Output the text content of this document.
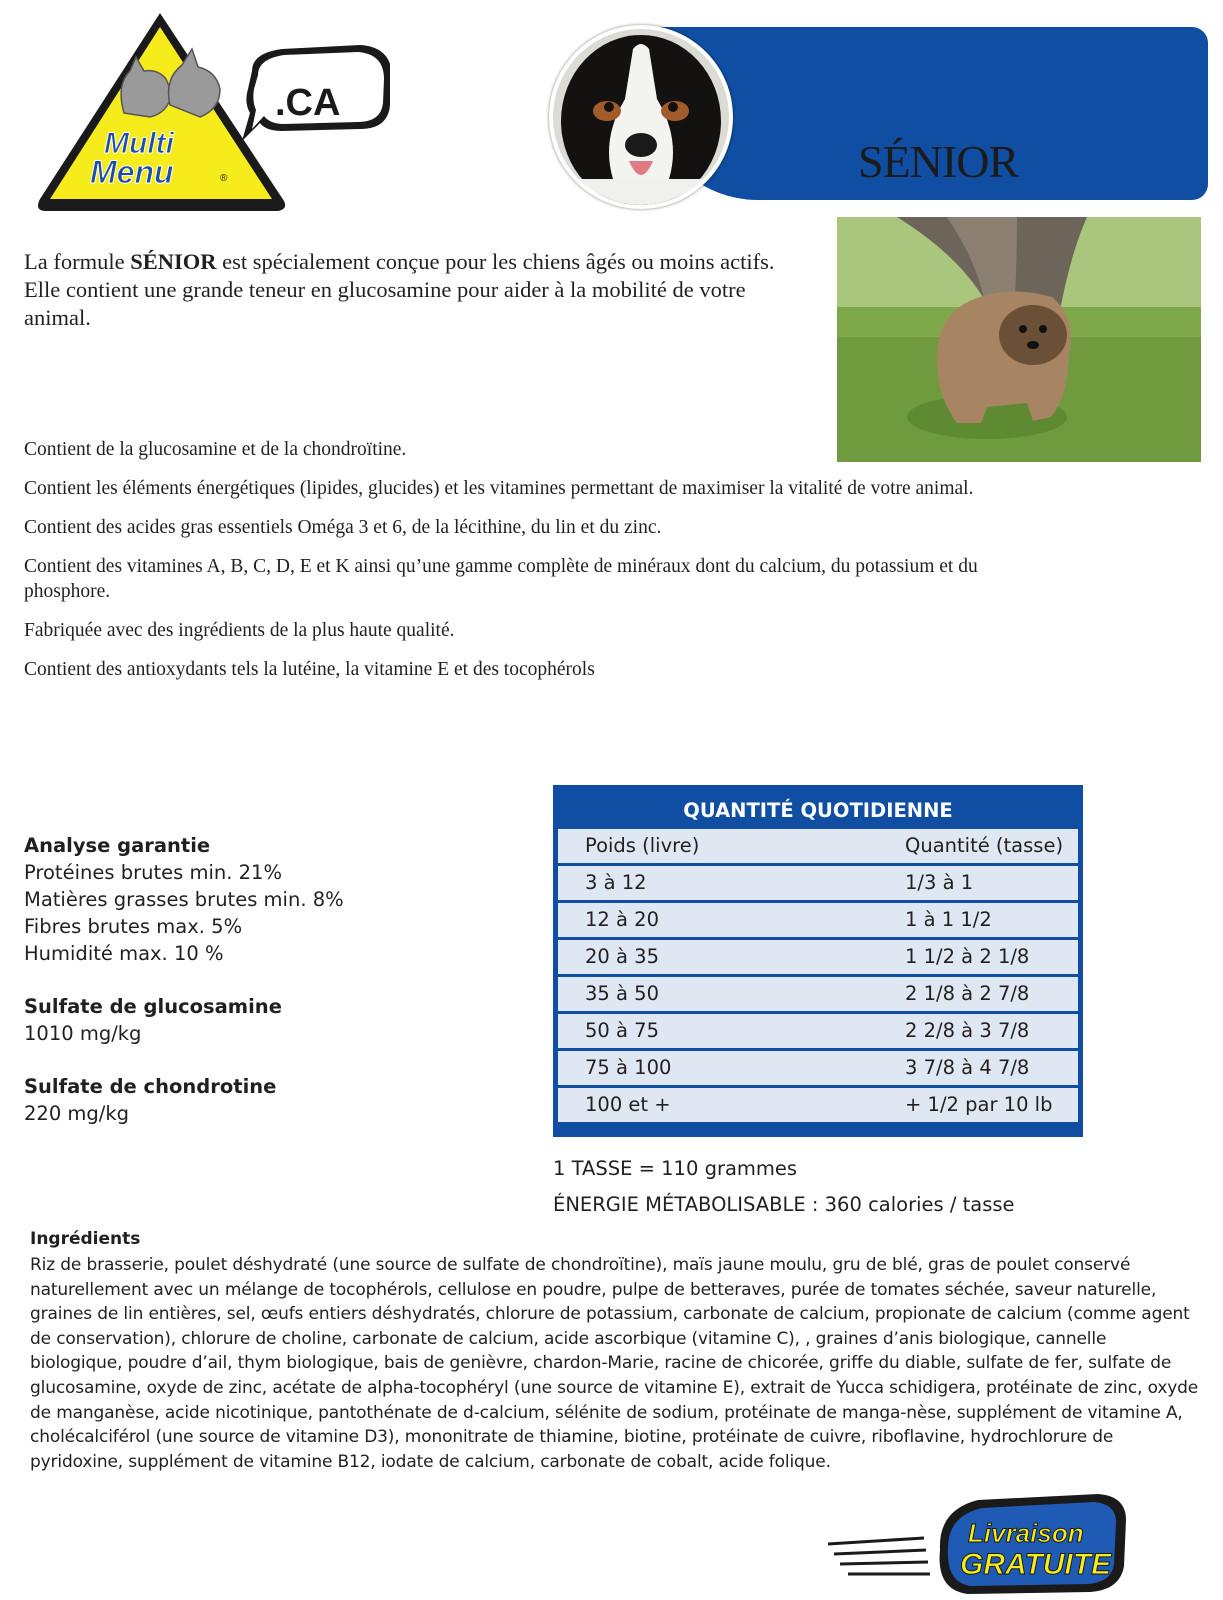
.CA
Multi
Menu	®	SÉNIOR
La formule SÉNIOR est spécialement conçue pour les chiens âgés ou moins actifs. Elle contient une grande teneur en glucosamine pour aider à la mobilité de votre animal.
Contient de la glucosamine et de la chondroïtine.
Contient les éléments énergétiques (lipides, glucides) et les vitamines permettant de maximiser la vitalité de votre animal.
Contient des acides gras essentiels Oméga 3 et 6, de la lécithine, du lin et du zinc.
Contient des vitamines A, B, C, D, E et K ainsi qu’une gamme complète de minéraux dont du calcium, du potassium et du phosphore.
Fabriquée avec des ingrédients de la plus haute qualité.
Contient des antioxydants tels la lutéine, la vitamine E et des tocophérols
Analyse garantie
Protéines brutes min. 21%
Matières grasses brutes min. 8%
Fibres brutes max. 5%
Humidité max. 10 %
Sulfate de glucosamine
1010 mg/kg
Sulfate de chondrotine
220 mg/kg
QUANTITÉ QUOTIDIENNE
Poids (livre)	Quantité (tasse)
3 à 12	1/3 à 1
12 à 20	1 à 1 1/2
20 à 35	1 1/2 à 2 1/8
35 à 50	2 1/8 à 2 7/8
50 à 75	2 2/8 à 3 7/8
75 à 100	3 7/8 à 4 7/8
100 et +	+ 1/2 par 10 lb
1 TASSE = 110 grammes
ÉNERGIE MÉTABOLISABLE : 360 calories / tasse
Ingrédients
Riz de brasserie, poulet déshydraté (une source de sulfate de chondroïtine), maïs jaune moulu, gru de blé, gras de poulet conservé naturellement avec un mélange de tocophérols, cellulose en poudre, pulpe de betteraves, purée de tomates séchée, saveur naturelle, graines de lin entières, sel, œufs entiers déshydratés, chlorure de potassium, carbonate de calcium, propionate de calcium (comme agent de conservation), chlorure de choline, carbonate de calcium, acide ascorbique (vitamine C), , graines d’anis biologique, cannelle biologique, poudre d’ail, thym biologique, bais de genièvre, chardon-Marie, racine de chicorée, griffe du diable, sulfate de fer, sulfate de glucosamine, oxyde de zinc, acétate de alpha-tocophéryl (une source de vitamine E), extrait de Yucca schidigera, protéinate de zinc, oxyde de manganèse, acide nicotinique, pantothénate de d-calcium, sélénite de sodium, protéinate de manga-nèse, supplément de vitamine A, cholécalciférol (une source de vitamine D3), mononitrate de thiamine, biotine, protéinate de cuivre, riboflavine, hydrochlorure de pyridoxine, supplément de vitamine B12, iodate de calcium, carbonate de cobalt, acide folique.
Livraison
GRATUITE
